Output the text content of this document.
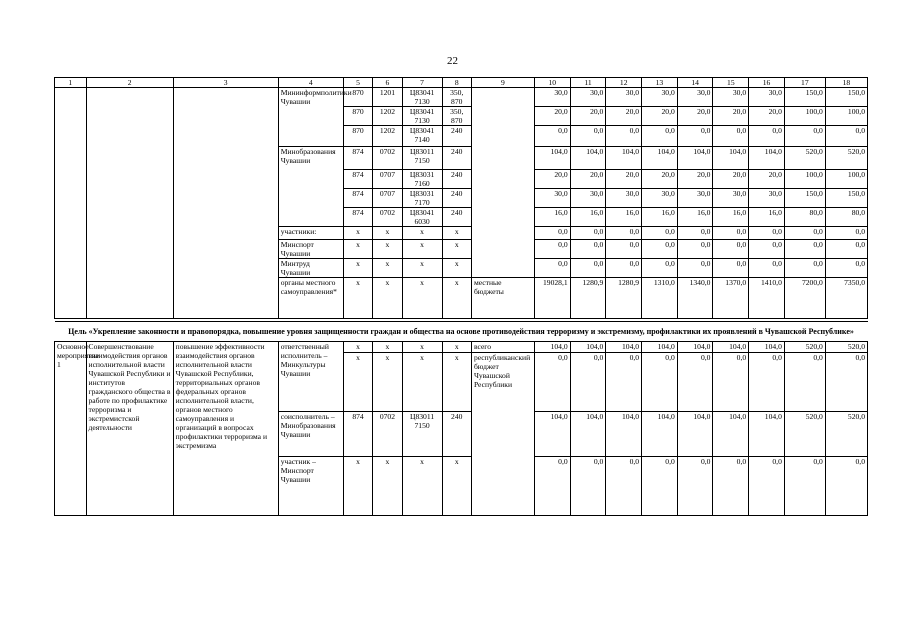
22
1	2	3	4	5	6	7	8	9	10	11	12	13	14	15	16	17	18
			Мининформполитики Чувашии	870	1201	Ц83041 7130	350, 870		30,0	30,0	30,0	30,0	30,0	30,0	30,0	150,0	150,0
				870	1202	Ц83041 7130	350, 870		20,0	20,0	20,0	20,0	20,0	20,0	20,0	100,0	100,0
				870	1202	Ц83041 7140	240		0,0	0,0	0,0	0,0	0,0	0,0	0,0	0,0	0,0
			Минобразования Чувашии	874	0702	Ц83011 7150	240		104,0	104,0	104,0	104,0	104,0	104,0	104,0	520,0	520,0
				874	0707	Ц83031 7160	240		20,0	20,0	20,0	20,0	20,0	20,0	20,0	100,0	100,0
				874	0707	Ц83031 7170	240		30,0	30,0	30,0	30,0	30,0	30,0	30,0	150,0	150,0
				874	0702	Ц83041 6030	240		16,0	16,0	16,0	16,0	16,0	16,0	16,0	80,0	80,0
			участники:	x	x	x	x		0,0	0,0	0,0	0,0	0,0	0,0	0,0	0,0	0,0
			Минспорт Чувашии	x	x	x	x		0,0	0,0	0,0	0,0	0,0	0,0	0,0	0,0	0,0
			Минтруд Чувашии	x	x	x	x		0,0	0,0	0,0	0,0	0,0	0,0	0,0	0,0	0,0
			органы местного самоуправления*	x	x	x	x	местные бюджеты	19028,1	1280,9	1280,9	1310,0	1340,0	1370,0	1410,0	7200,0	7350,0

Цель «Укрепление законности и правопорядка, повышение уровня защищенности граждан и общества на основе противодействия терроризму и экстремизму, профилактики их проявлений в Чувашской Республике»																	
Основное мероприятие 1	Совершенствование взаимодействия органов исполнительной власти Чувашской Республики и институтов гражданского общества в работе по профилактике терроризма и экстремистской деятельности	повышение эффективности взаимодействия органов исполнительной власти Чувашской Республики, территориальных органов федеральных органов исполнительной власти, органов местного самоуправления и организаций в вопросах профилактики терроризма и экстремизма	ответственный исполнитель – Минкультуры Чувашии	x	x	x	x	всего	104,0	104,0	104,0	104,0	104,0	104,0	104,0	520,0	520,0
				x	x	x	x	республиканский бюджет Чувашской Республики	0,0	0,0	0,0	0,0	0,0	0,0	0,0	0,0	0,0
			соисполнитель – Минобразования Чувашии	874	0702	Ц83011 7150	240		104,0	104,0	104,0	104,0	104,0	104,0	104,0	520,0	520,0
			участник – Минспорт Чувашии	x	x	x	x		0,0	0,0	0,0	0,0	0,0	0,0	0,0	0,0	0,0
